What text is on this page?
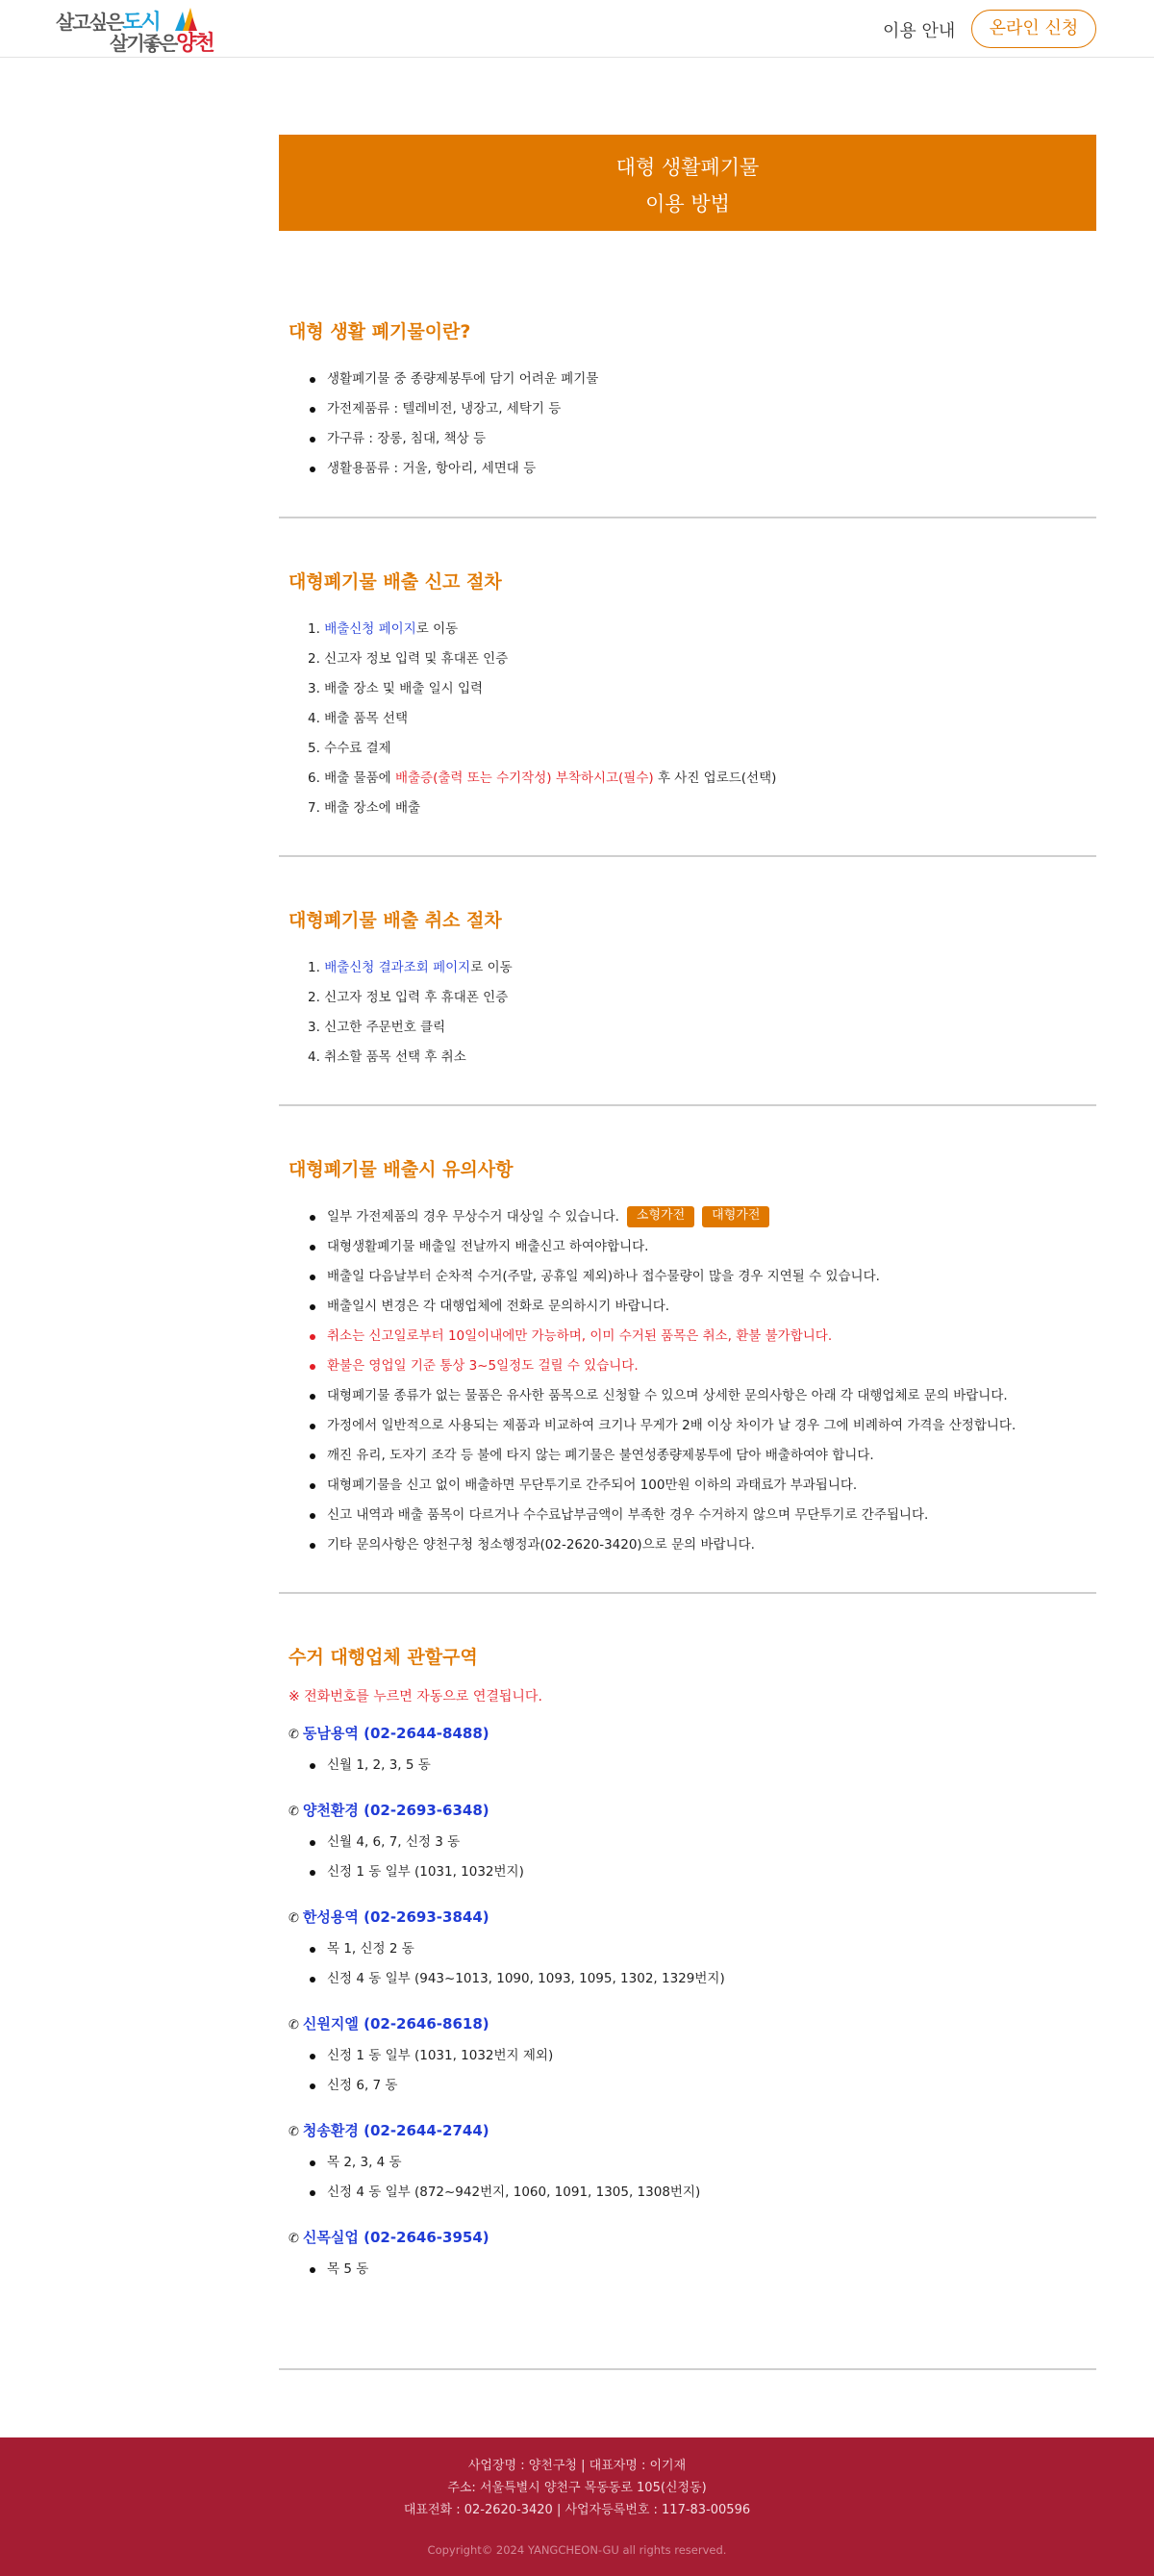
살고싶은도시
살기좋은양천
이용 안내	온라인 신청
대형 생활폐기물
이용 방법
대형 생활 폐기물이란?
생활폐기물 중 종량제봉투에 담기 어려운 폐기물
가전제품류 : 텔레비전, 냉장고, 세탁기 등
가구류 : 장롱, 침대, 책상 등
생활용품류 : 거울, 항아리, 세면대 등
대형폐기물 배출 신고 절차
1. 배출신청 페이지로 이동
2. 신고자 정보 입력 및 휴대폰 인증
3. 배출 장소 및 배출 일시 입력
4. 배출 품목 선택
5. 수수료 결제
6. 배출 물품에 배출증(출력 또는 수기작성) 부착하시고(필수) 후 사진 업로드(선택)
7. 배출 장소에 배출
대형폐기물 배출 취소 절차
1. 배출신청 결과조회 페이지로 이동
2. 신고자 정보 입력 후 휴대폰 인증
3. 신고한 주문번호 클릭
4. 취소할 품목 선택 후 취소
대형폐기물 배출시 유의사항
일부 가전제품의 경우 무상수거 대상일 수 있습니다. 소형가전 대형가전
대형생활폐기물 배출일 전날까지 배출신고 하여야합니다.
배출일 다음날부터 순차적 수거(주말, 공휴일 제외)하나 접수물량이 많을 경우 지연될 수 있습니다.
배출일시 변경은 각 대행업체에 전화로 문의하시기 바랍니다.
취소는 신고일로부터 10일이내에만 가능하며, 이미 수거된 품목은 취소, 환불 불가합니다.
환불은 영업일 기준 통상 3~5일정도 걸릴 수 있습니다.
대형폐기물 종류가 없는 물품은 유사한 품목으로 신청할 수 있으며 상세한 문의사항은 아래 각 대행업체로 문의 바랍니다.
가정에서 일반적으로 사용되는 제품과 비교하여 크기나 무게가 2배 이상 차이가 날 경우 그에 비례하여 가격을 산정합니다.
깨진 유리, 도자기 조각 등 불에 타지 않는 폐기물은 불연성종량제봉투에 담아 배출하여야 합니다.
대형폐기물을 신고 없이 배출하면 무단투기로 간주되어 100만원 이하의 과태료가 부과됩니다.
신고 내역과 배출 품목이 다르거나 수수료납부금액이 부족한 경우 수거하지 않으며 무단투기로 간주됩니다.
기타 문의사항은 양천구청 청소행정과(02-2620-3420)으로 문의 바랍니다.
수거 대행업체 관할구역
※ 전화번호를 누르면 자동으로 연결됩니다.
✆ 동남용역 (02-2644-8488)
신월 1, 2, 3, 5 동
✆ 양천환경 (02-2693-6348)
신월 4, 6, 7, 신정 3 동
신정 1 동 일부 (1031, 1032번지)
✆ 한성용역 (02-2693-3844)
목 1, 신정 2 동
신정 4 동 일부 (943~1013, 1090, 1093, 1095, 1302, 1329번지)
✆ 신원지엘 (02-2646-8618)
신정 1 동 일부 (1031, 1032번지 제외)
신정 6, 7 동
✆ 청송환경 (02-2644-2744)
목 2, 3, 4 동
신정 4 동 일부 (872~942번지, 1060, 1091, 1305, 1308번지)
✆ 신목실업 (02-2646-3954)
목 5 동
사업장명 : 양천구청 | 대표자명 : 이기재
주소: 서울특별시 양천구 목동동로 105(신정동)
대표전화 : 02-2620-3420 | 사업자등록번호 : 117-83-00596
Copyright© 2024 YANGCHEON-GU all rights reserved.
